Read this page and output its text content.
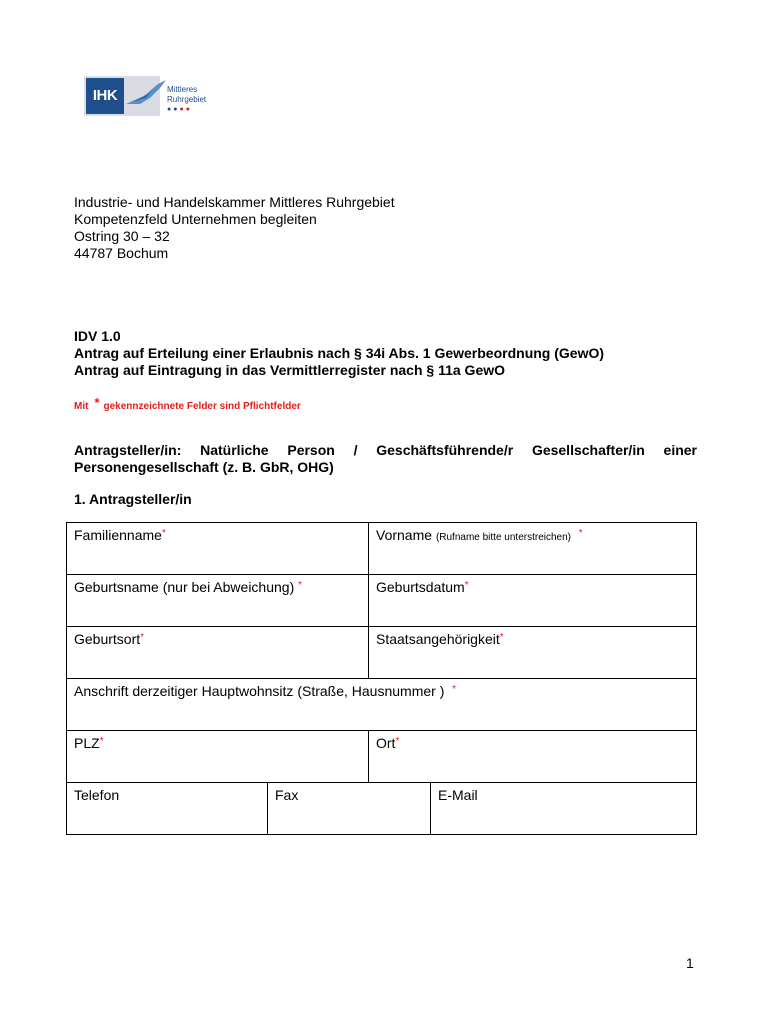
IHK	Mittleres
Ruhrgebiet
●●●●
Industrie- und Handelskammer Mittleres Ruhrgebiet
Kompetenzfeld Unternehmen begleiten
Ostring 30 – 32
44787 Bochum
IDV 1.0
Antrag auf Erteilung einer Erlaubnis nach § 34i Abs. 1 Gewerbeordnung (GewO)
Antrag auf Eintragung in das Vermittlerregister nach § 11a GewO
Mit * gekennzeichnete Felder sind Pflichtfelder
Antragsteller/in: Natürliche Person / Geschäftsführende/r Gesellschafter/in einer Personengesellschaft (z. B. GbR, OHG)
1. Antragsteller/in
Familienname*	Vorname (Rufname bitte unterstreichen) *
Geburtsname (nur bei Abweichung) *	Geburtsdatum*
Geburtsort*	Staatsangehörigkeit*
Anschrift derzeitiger Hauptwohnsitz (Straße, Hausnummer ) *
PLZ*	Ort*
Telefon	Fax	E-Mail
1
